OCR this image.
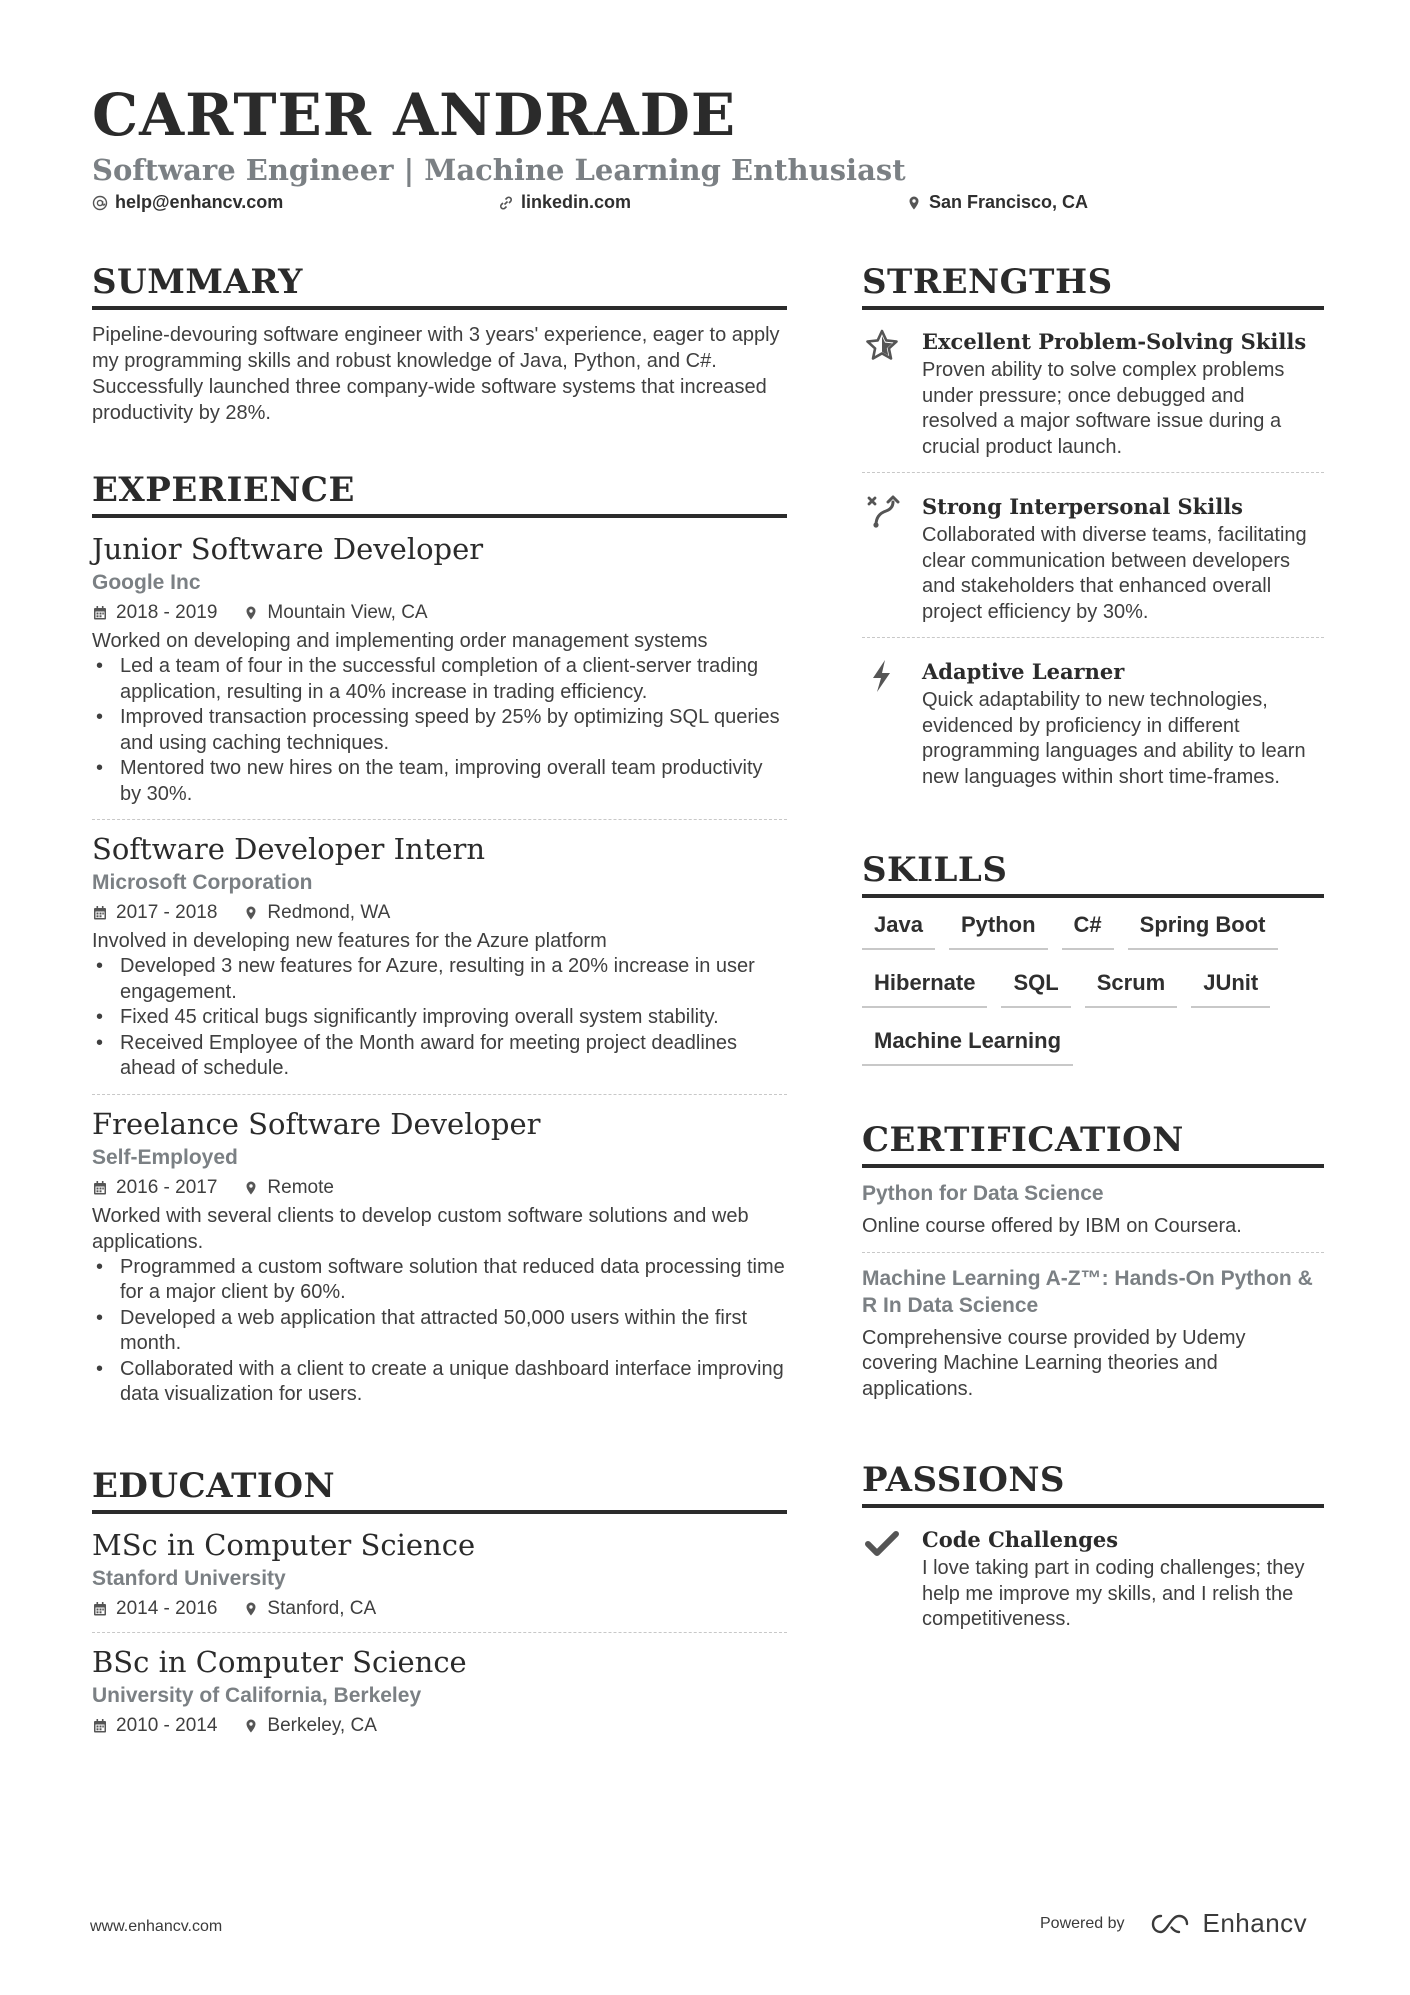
CARTER ANDRADE
Software Engineer | Machine Learning Enthusiast
help@enhancv.com	linkedin.com	San Francisco, CA
SUMMARY
Pipeline-devouring software engineer with 3 years' experience, eager to apply my programming skills and robust knowledge of Java, Python, and C#. Successfully launched three company-wide software systems that increased productivity by 28%.
EXPERIENCE
Junior Software Developer
Google Inc
2018 - 2019	Mountain View, CA
Worked on developing and implementing order management systems
• Led a team of four in the successful completion of a client-server trading application, resulting in a 40% increase in trading efficiency.
• Improved transaction processing speed by 25% by optimizing SQL queries and using caching techniques.
• Mentored two new hires on the team, improving overall team productivity by 30%.
Software Developer Intern
Microsoft Corporation
2017 - 2018	Redmond, WA
Involved in developing new features for the Azure platform
• Developed 3 new features for Azure, resulting in a 20% increase in user engagement.
• Fixed 45 critical bugs significantly improving overall system stability.
• Received Employee of the Month award for meeting project deadlines ahead of schedule.
Freelance Software Developer
Self-Employed
2016 - 2017	Remote
Worked with several clients to develop custom software solutions and web applications.
• Programmed a custom software solution that reduced data processing time for a major client by 60%.
• Developed a web application that attracted 50,000 users within the first month.
• Collaborated with a client to create a unique dashboard interface improving data visualization for users.
EDUCATION
MSc in Computer Science
Stanford University
2014 - 2016	Stanford, CA
BSc in Computer Science
University of California, Berkeley
2010 - 2014	Berkeley, CA
STRENGTHS
Excellent Problem-Solving Skills
Proven ability to solve complex problems under pressure; once debugged and resolved a major software issue during a crucial product launch.
Strong Interpersonal Skills
Collaborated with diverse teams, facilitating clear communication between developers and stakeholders that enhanced overall project efficiency by 30%.
Adaptive Learner
Quick adaptability to new technologies, evidenced by proficiency in different programming languages and ability to learn new languages within short time-frames.
SKILLS
Java	Python	C#	Spring Boot
Hibernate	SQL	Scrum	JUnit
Machine Learning
CERTIFICATION
Python for Data Science
Online course offered by IBM on Coursera.
Machine Learning A-Z™: Hands-On Python & R In Data Science
Comprehensive course provided by Udemy covering Machine Learning theories and applications.
PASSIONS
Code Challenges
I love taking part in coding challenges; they help me improve my skills, and I relish the competitiveness.
www.enhancv.com	Powered by	Enhancv
